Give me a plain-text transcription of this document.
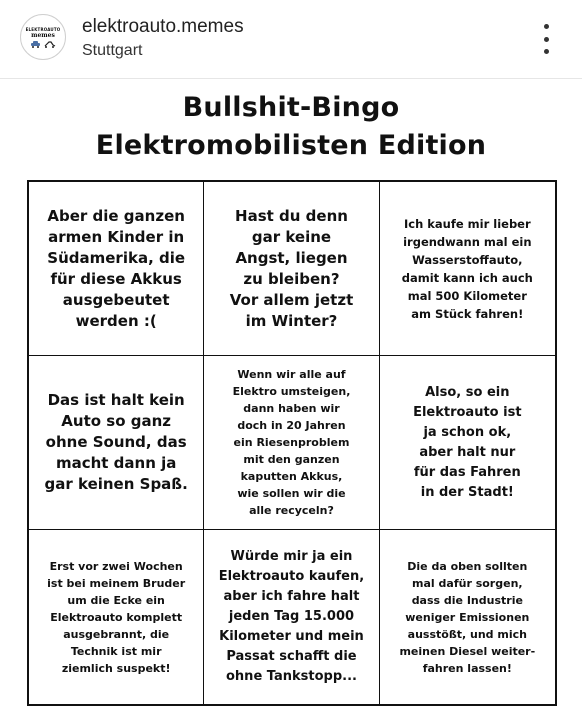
ELEKTROAUTO
memes elektroauto.memes
Stuttgart
Bullshit-Bingo
Elektromobilisten Edition
Aber die ganzen
armen Kinder in
Südamerika, die
für diese Akkus
ausgebeutet
werden :(
Hast du denn
gar keine
Angst, liegen
zu bleiben?
Vor allem jetzt
im Winter?
Ich kaufe mir lieber
irgendwann mal ein
Wasserstoffauto,
damit kann ich auch
mal 500 Kilometer
am Stück fahren!
Das ist halt kein
Auto so ganz
ohne Sound, das
macht dann ja
gar keinen Spaß.
Wenn wir alle auf
Elektro umsteigen,
dann haben wir
doch in 20 Jahren
ein Riesenproblem
mit den ganzen
kaputten Akkus,
wie sollen wir die
alle recyceln?
Also, so ein
Elektroauto ist
ja schon ok,
aber halt nur
für das Fahren
in der Stadt!
Erst vor zwei Wochen
ist bei meinem Bruder
um die Ecke ein
Elektroauto komplett
ausgebrannt, die
Technik ist mir
ziemlich suspekt!
Würde mir ja ein
Elektroauto kaufen,
aber ich fahre halt
jeden Tag 15.000
Kilometer und mein
Passat schafft die
ohne Tankstopp...
Die da oben sollten
mal dafür sorgen,
dass die Industrie
weniger Emissionen
ausstößt, und mich
meinen Diesel weiter-
fahren lassen!
